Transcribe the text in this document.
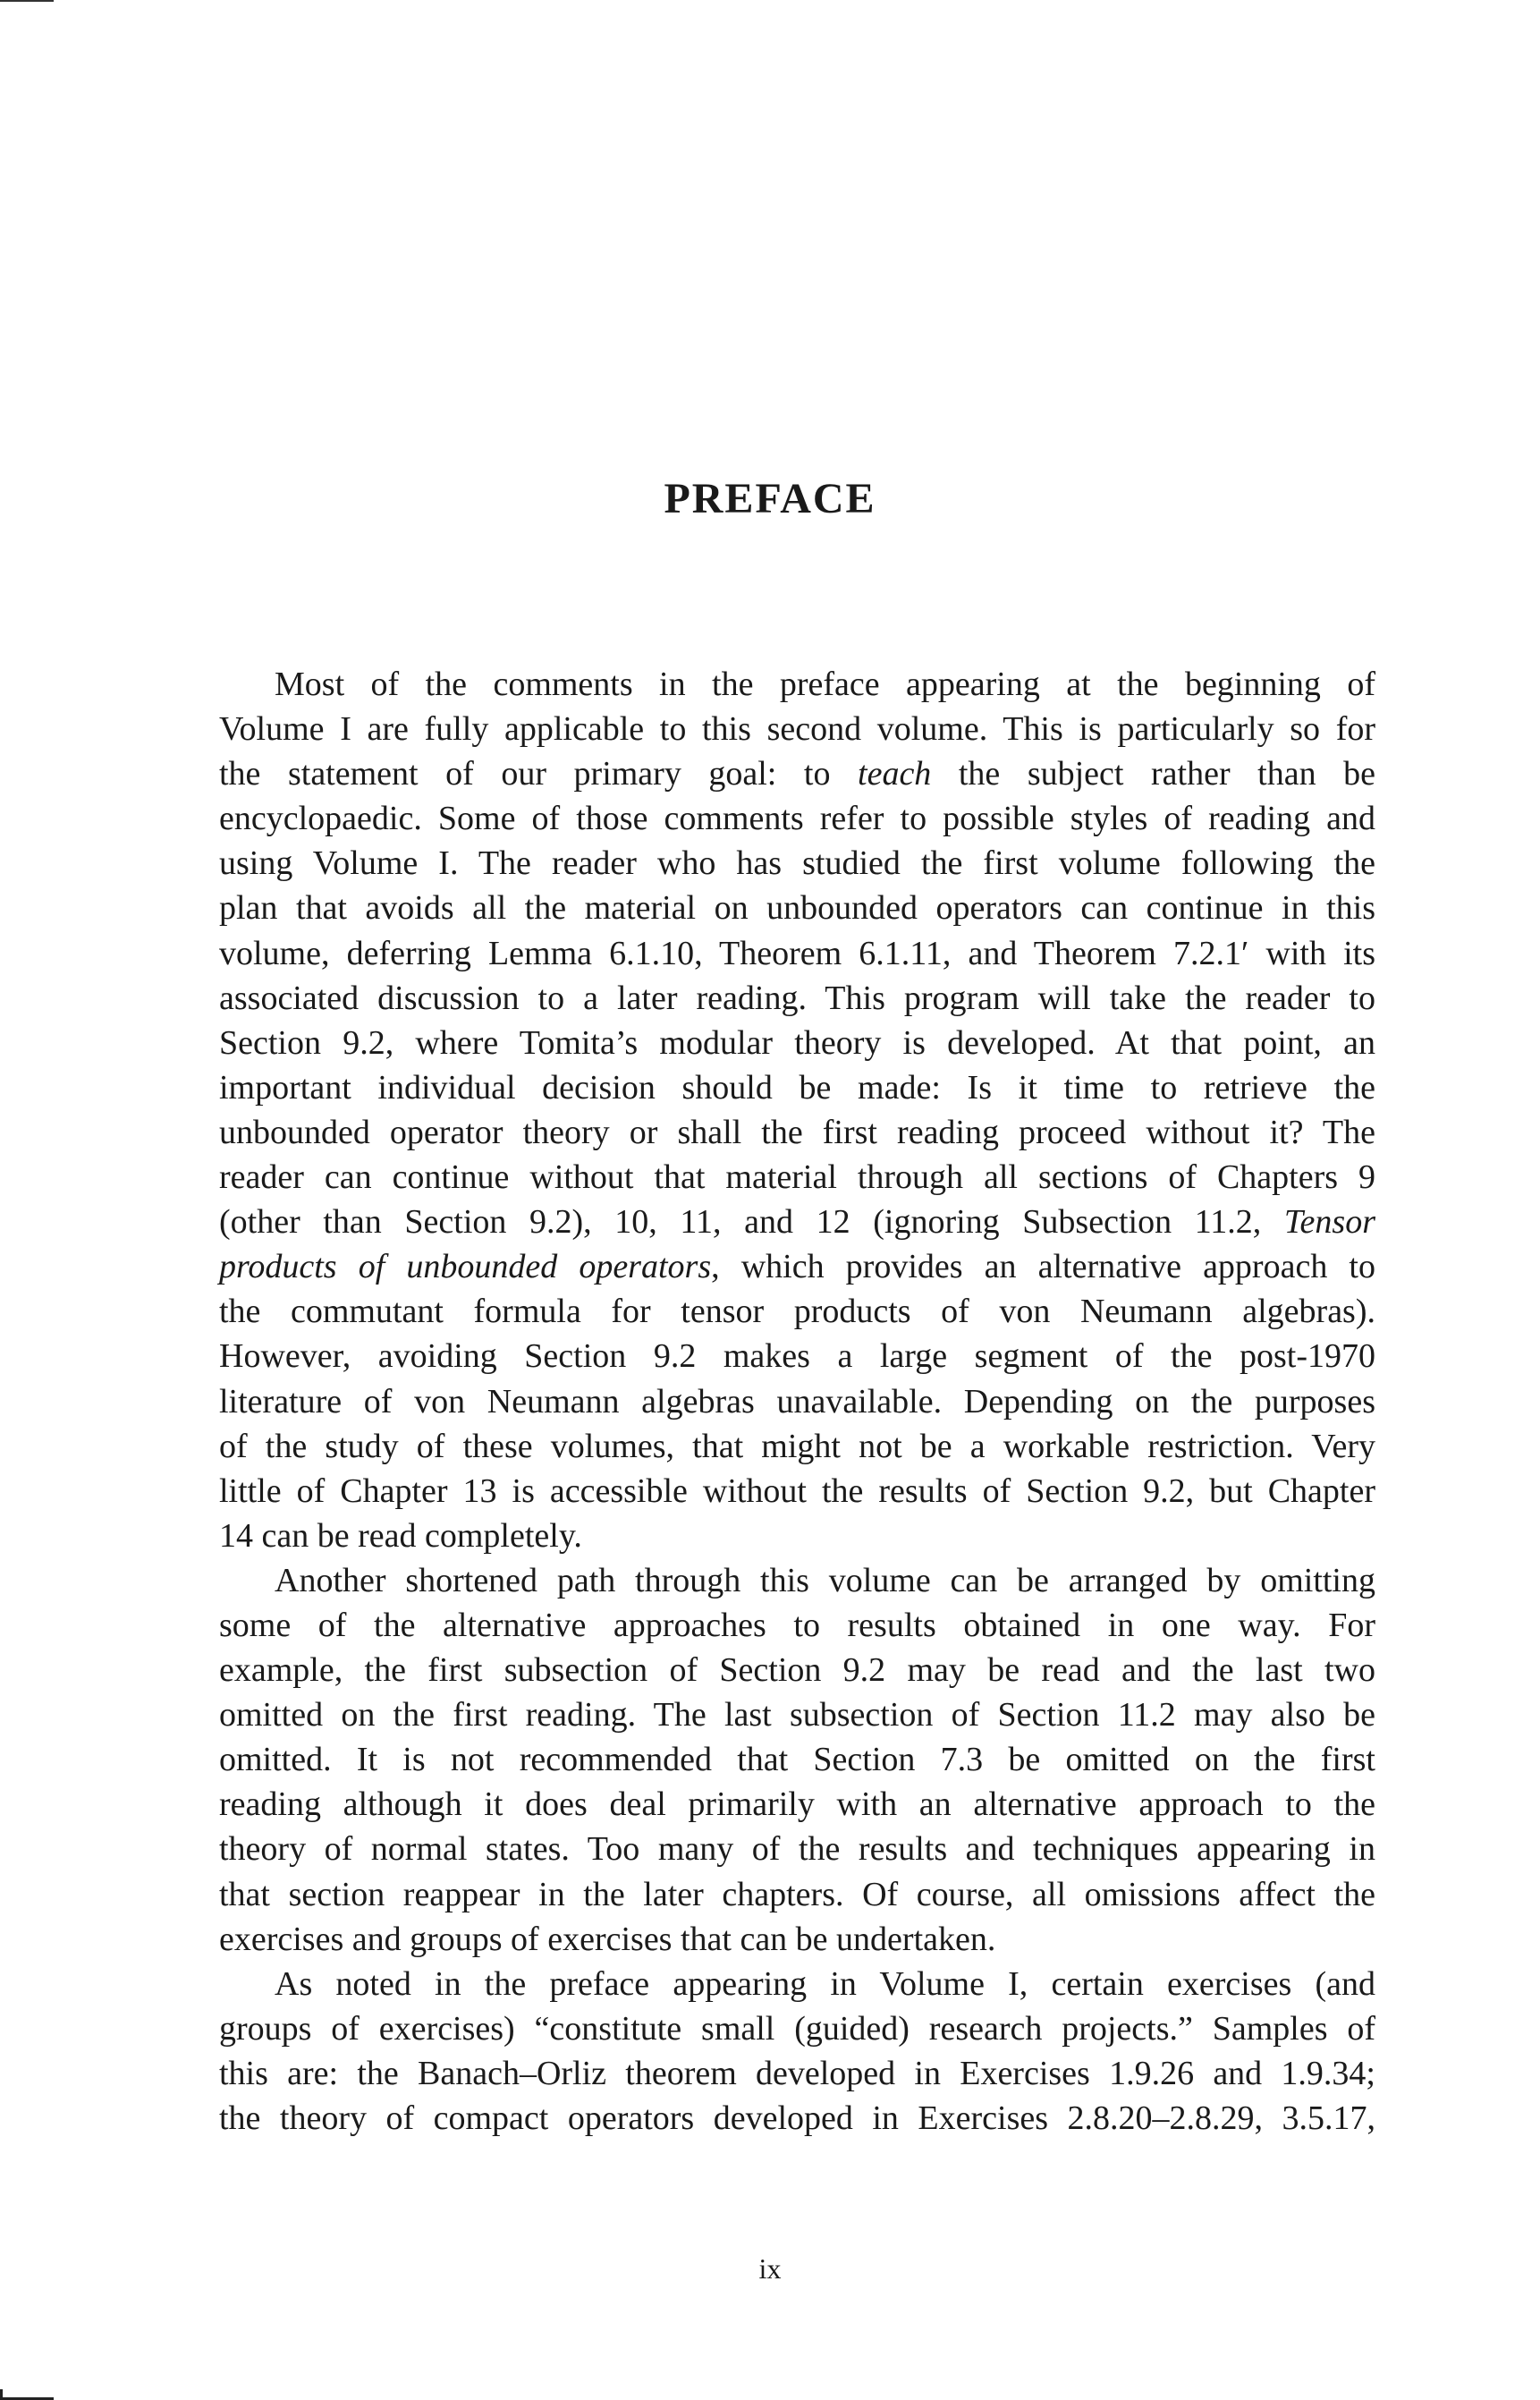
PREFACE

Most of the comments in the preface appearing at the beginning of
Volume I are fully applicable to this second volume. This is particularly so for
the statement of our primary goal: to teach the subject rather than be
encyclopaedic. Some of those comments refer to possible styles of reading and
using Volume I. The reader who has studied the first volume following the
plan that avoids all the material on unbounded operators can continue in this
volume, deferring Lemma 6.1.10, Theorem 6.1.11, and Theorem 7.2.1′ with its
associated discussion to a later reading. This program will take the reader to
Section 9.2, where Tomita’s modular theory is developed. At that point, an
important individual decision should be made: Is it time to retrieve the
unbounded operator theory or shall the first reading proceed without it? The
reader can continue without that material through all sections of Chapters 9
(other than Section 9.2), 10, 11, and 12 (ignoring Subsection 11.2, Tensor
products of unbounded operators, which provides an alternative approach to
the commutant formula for tensor products of von Neumann algebras).
However, avoiding Section 9.2 makes a large segment of the post-1970
literature of von Neumann algebras unavailable. Depending on the purposes
of the study of these volumes, that might not be a workable restriction. Very
little of Chapter 13 is accessible without the results of Section 9.2, but Chapter
14 can be read completely.

Another shortened path through this volume can be arranged by omitting
some of the alternative approaches to results obtained in one way. For
example, the first subsection of Section 9.2 may be read and the last two
omitted on the first reading. The last subsection of Section 11.2 may also be
omitted. It is not recommended that Section 7.3 be omitted on the first
reading although it does deal primarily with an alternative approach to the
theory of normal states. Too many of the results and techniques appearing in
that section reappear in the later chapters. Of course, all omissions affect the
exercises and groups of exercises that can be undertaken.

As noted in the preface appearing in Volume I, certain exercises (and
groups of exercises) “constitute small (guided) research projects.” Samples of
this are: the Banach–Orliz theorem developed in Exercises 1.9.26 and 1.9.34;
the theory of compact operators developed in Exercises 2.8.20–2.8.29, 3.5.17,

ix
